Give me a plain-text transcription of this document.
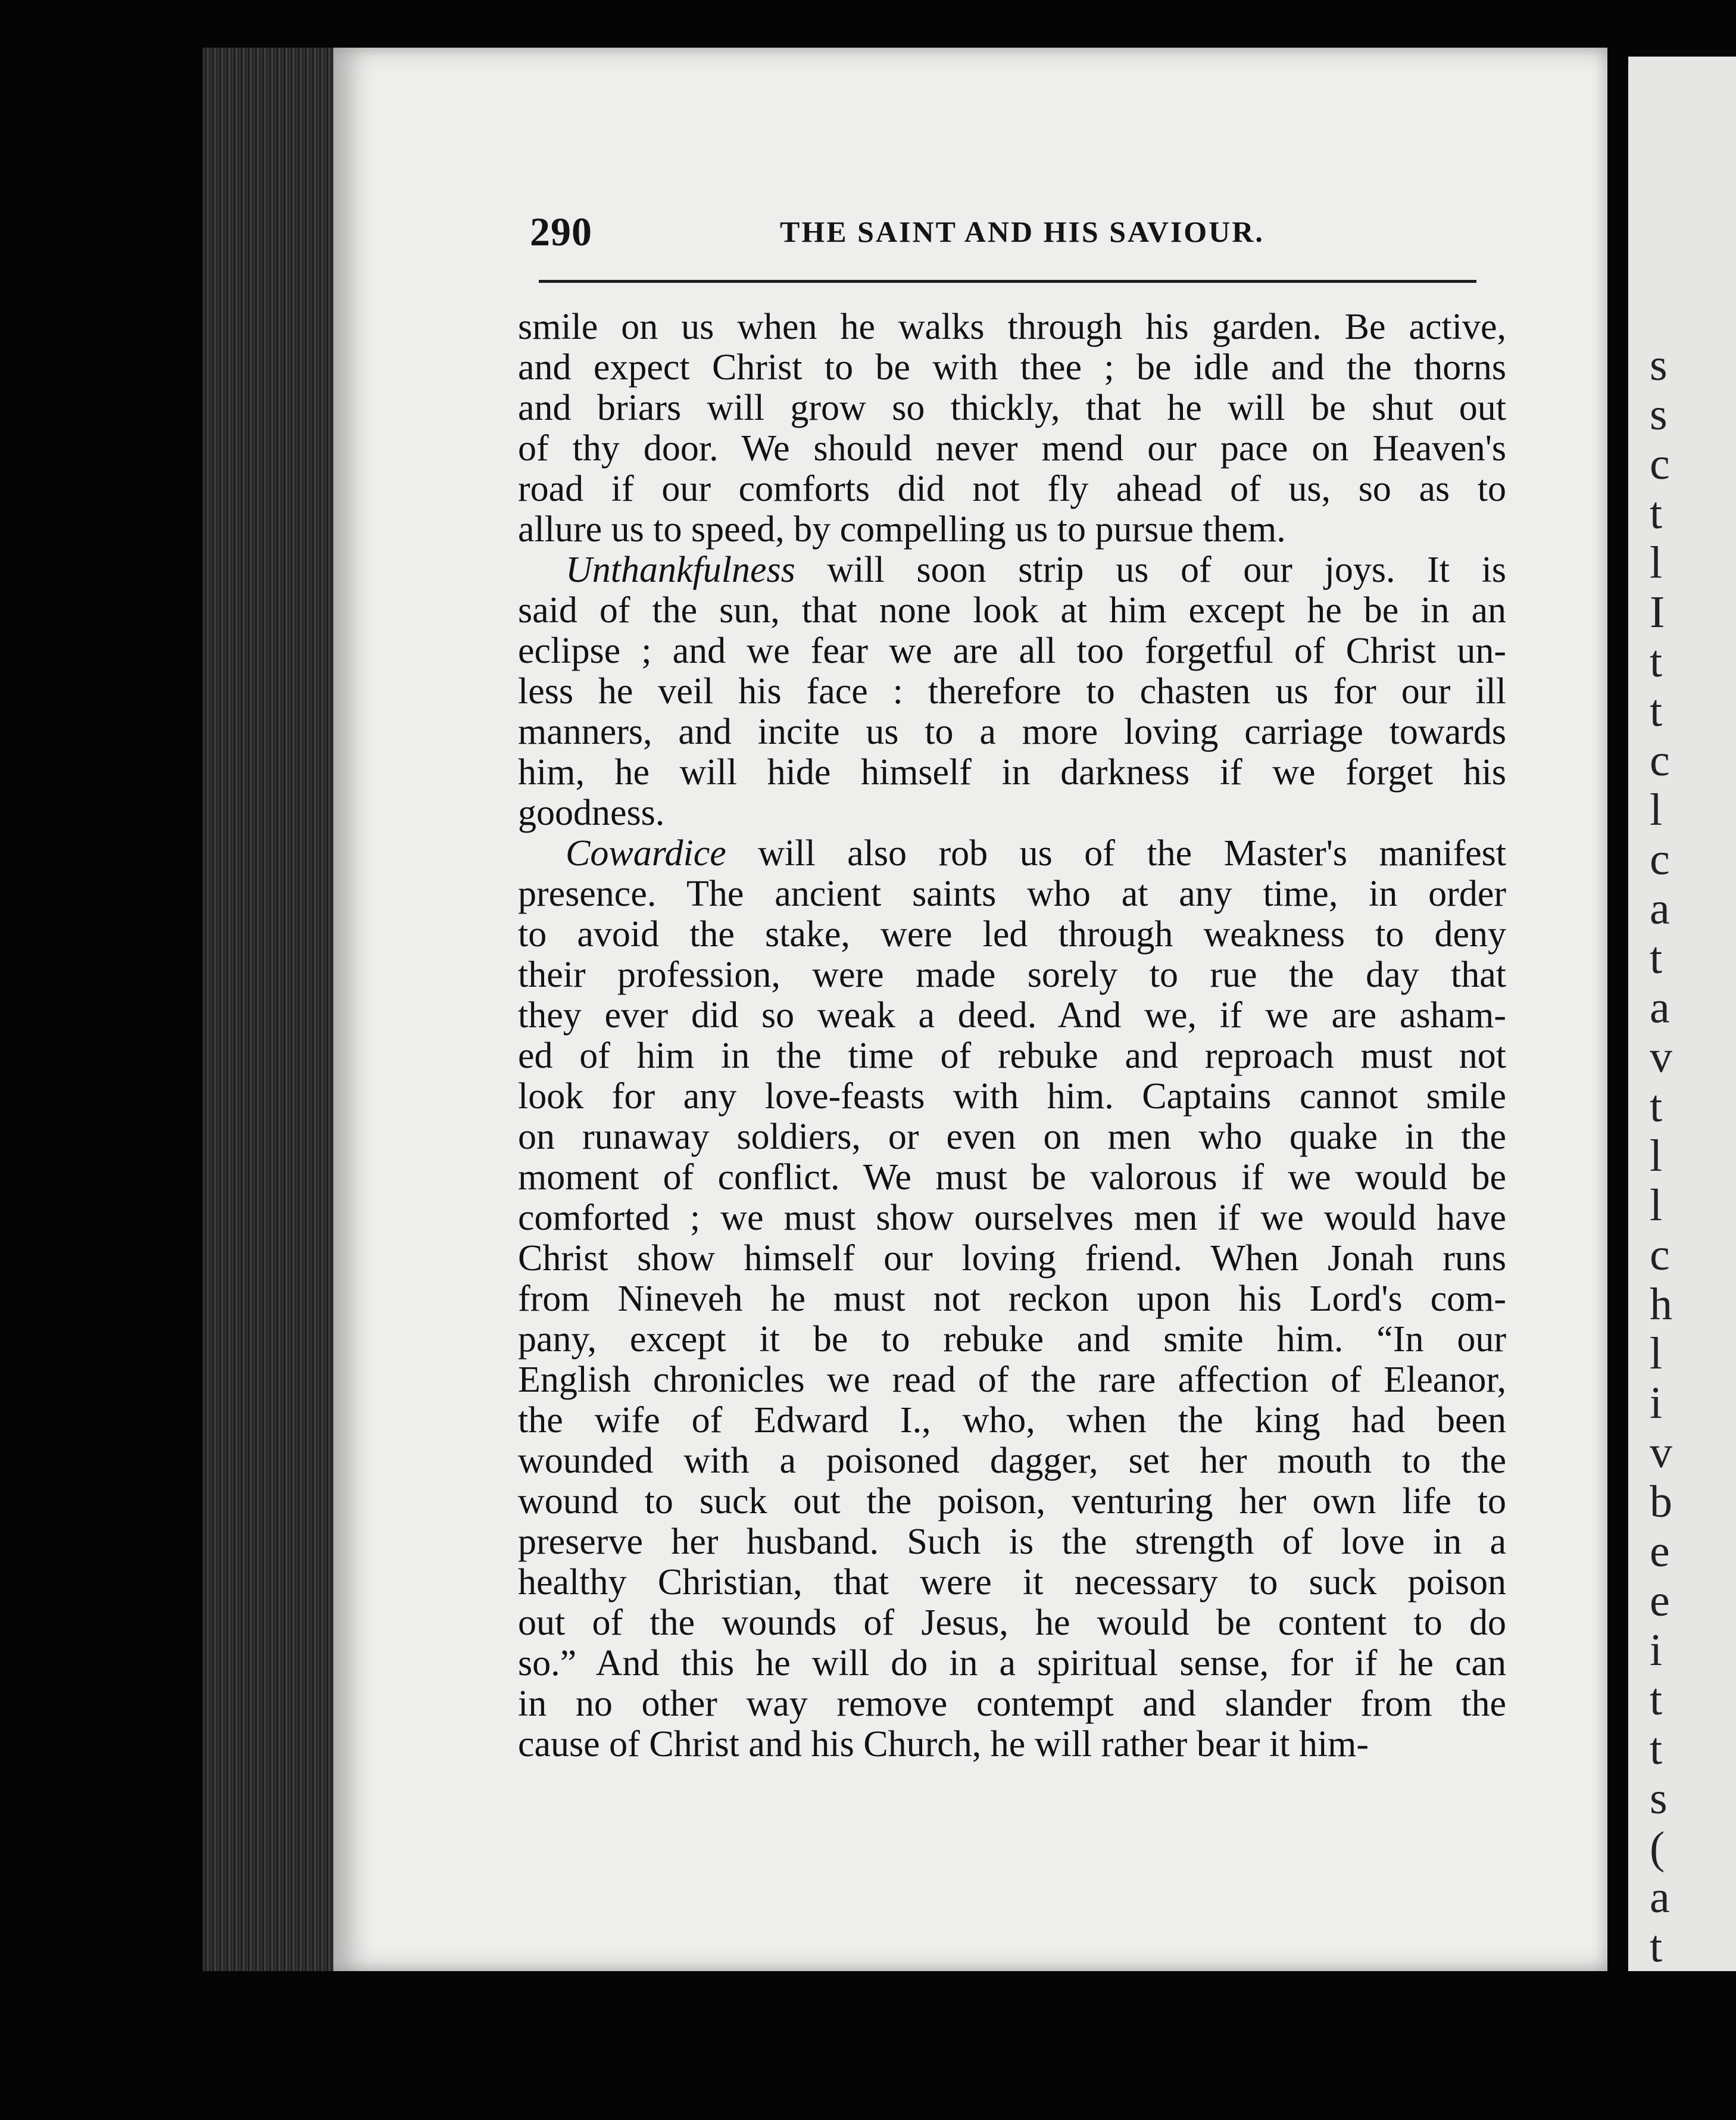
s
s
c
t
l
I
t
t
c
l
c
a
t
a
v
t
l
l
c
h
l
i
v
b
e
e
i
t
t
s
(
a
t
290	THE SAINT AND HIS SAVIOUR.
smile on us when he walks through his garden. Be active,
and expect Christ to be with thee ; be idle and the thorns
and briars will grow so thickly, that he will be shut out
of thy door. We should never mend our pace on Heaven's
road if our comforts did not fly ahead of us, so as to
allure us to speed, by compelling us to pursue them.
Unthankfulness will soon strip us of our joys. It is
said of the sun, that none look at him except he be in an
eclipse ; and we fear we are all too forgetful of Christ un-
less he veil his face : therefore to chasten us for our ill
manners, and incite us to a more loving carriage towards
him, he will hide himself in darkness if we forget his
goodness.
Cowardice will also rob us of the Master's manifest
presence. The ancient saints who at any time, in order
to avoid the stake, were led through weakness to deny
their profession, were made sorely to rue the day that
they ever did so weak a deed. And we, if we are asham-
ed of him in the time of rebuke and reproach must not
look for any love-feasts with him. Captains cannot smile
on runaway soldiers, or even on men who quake in the
moment of conflict. We must be valorous if we would be
comforted ; we must show ourselves men if we would have
Christ show himself our loving friend. When Jonah runs
from Nineveh he must not reckon upon his Lord's com-
pany, except it be to rebuke and smite him. “In our
English chronicles we read of the rare affection of Eleanor,
the wife of Edward I., who, when the king had been
wounded with a poisoned dagger, set her mouth to the
wound to suck out the poison, venturing her own life to
preserve her husband. Such is the strength of love in a
healthy Christian, that were it necessary to suck poison
out of the wounds of Jesus, he would be content to do
so.” And this he will do in a spiritual sense, for if he can
in no other way remove contempt and slander from the
cause of Christ and his Church, he will rather bear it him-
